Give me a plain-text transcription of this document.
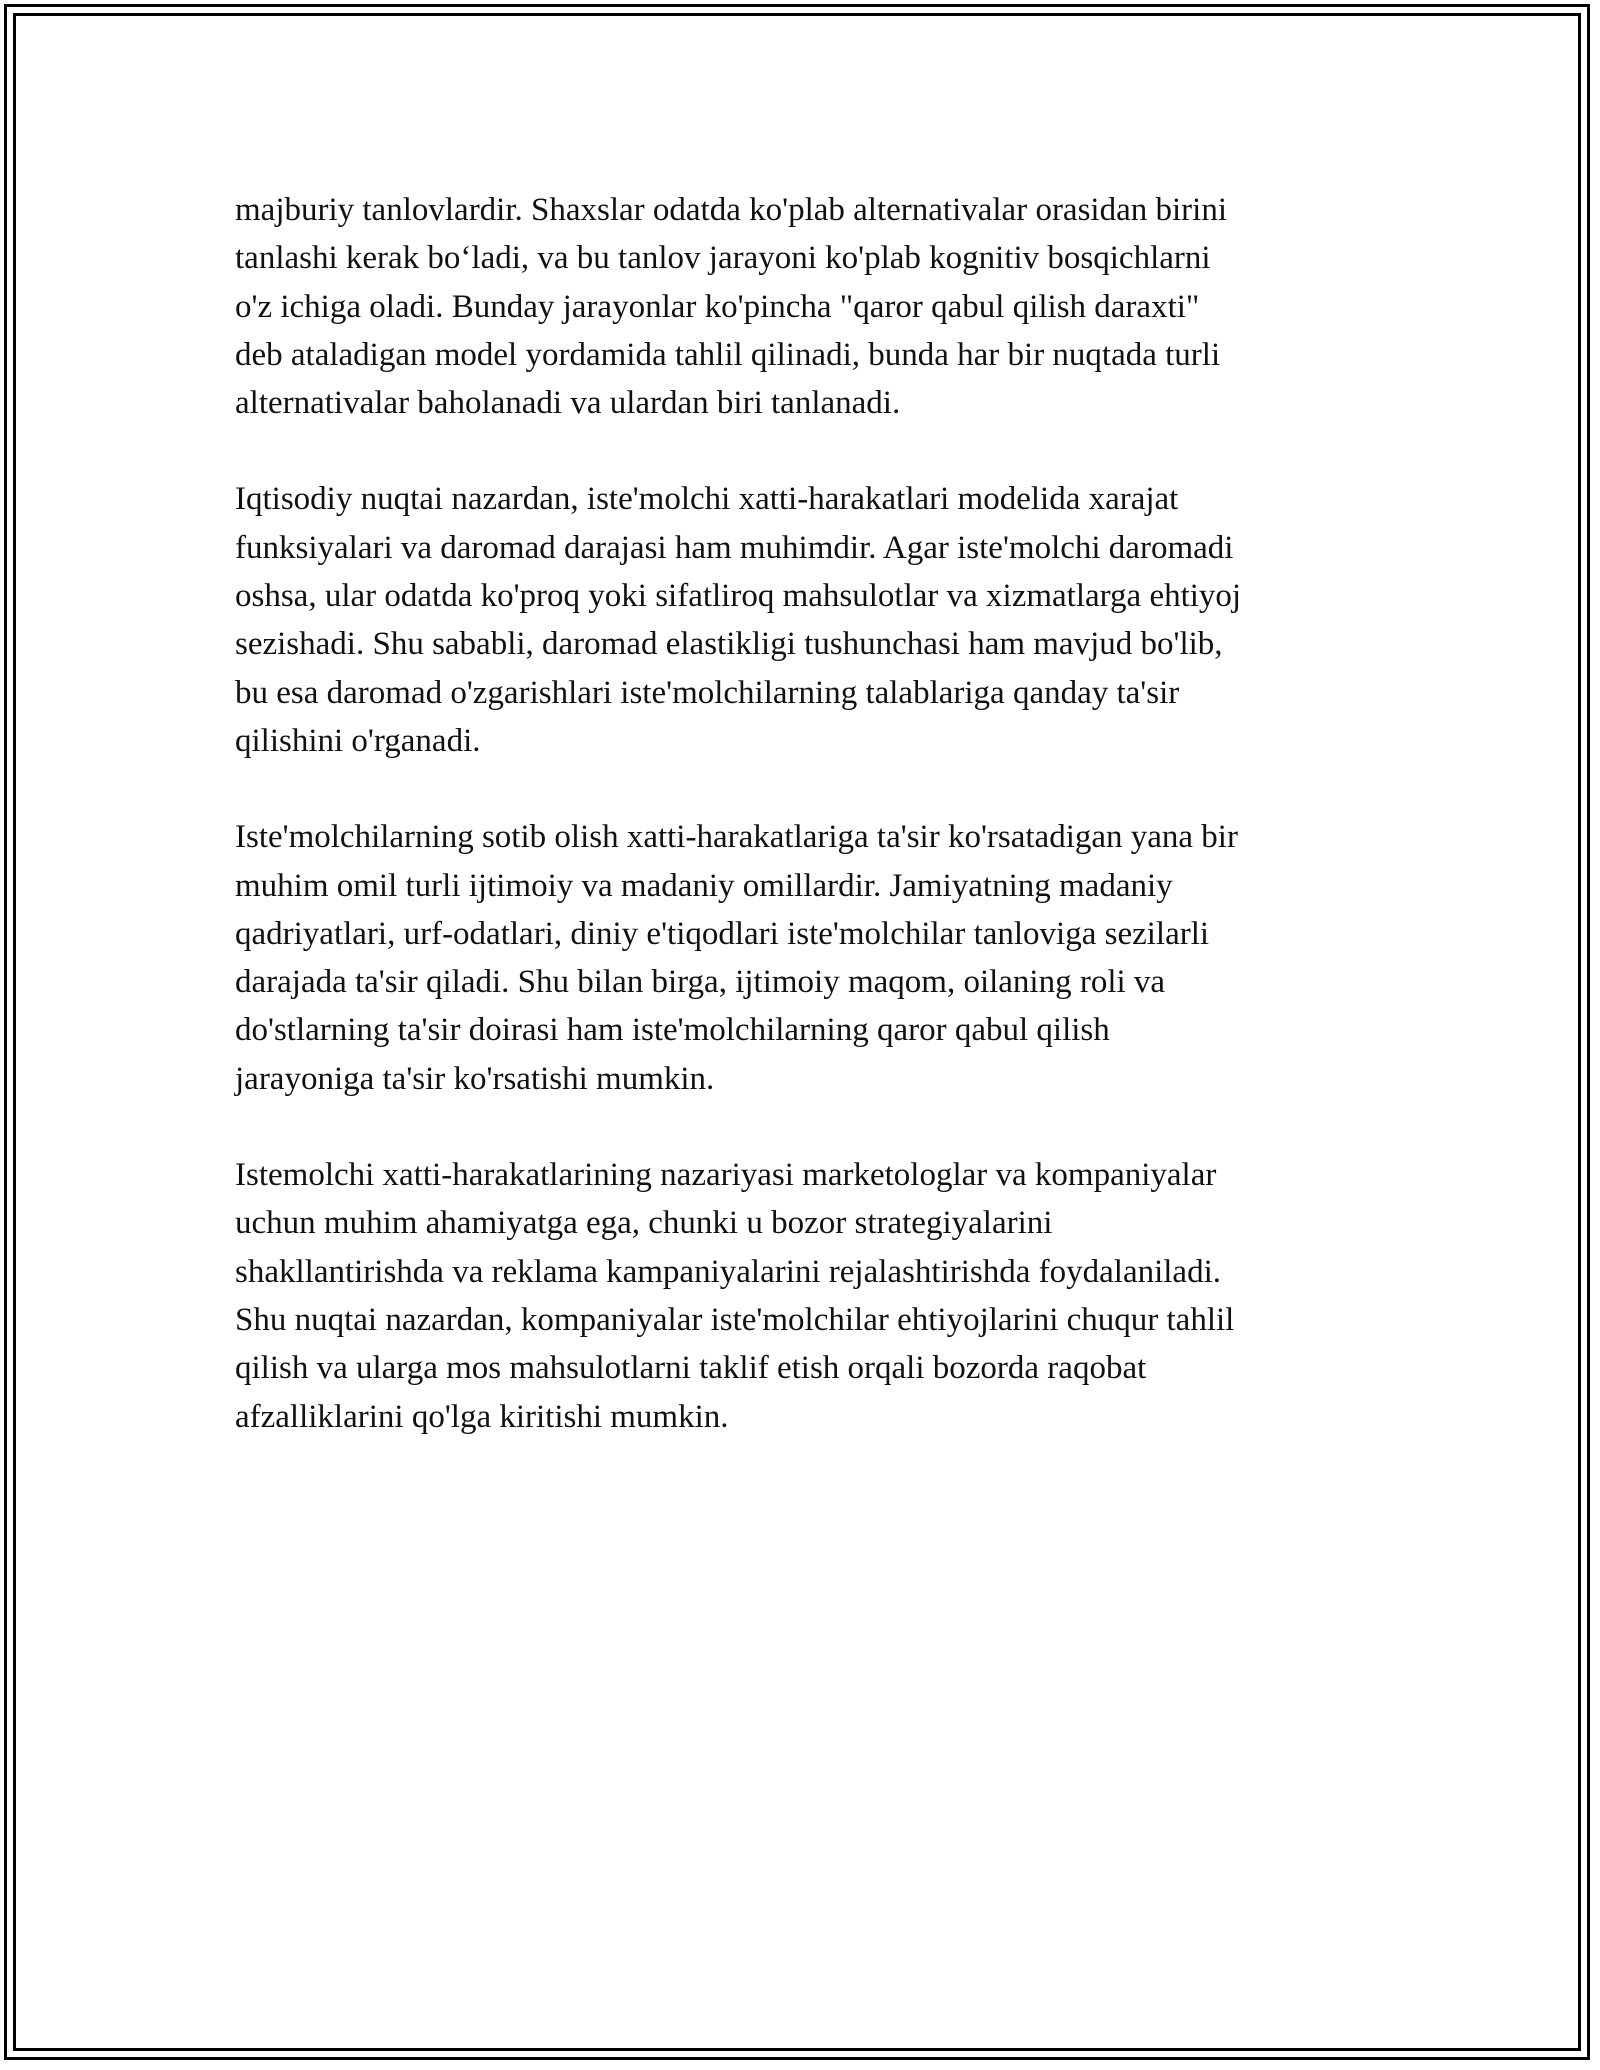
majburiy tanlovlardir. Shaxslar odatda ko'plab alternativalar orasidan birini
tanlashi kerak bo‘ladi, va bu tanlov jarayoni ko'plab kognitiv bosqichlarni
o'z ichiga oladi. Bunday jarayonlar ko'pincha "qaror qabul qilish daraxti"
deb ataladigan model yordamida tahlil qilinadi, bunda har bir nuqtada turli
alternativalar baholanadi va ulardan biri tanlanadi.

Iqtisodiy nuqtai nazardan, iste'molchi xatti-harakatlari modelida xarajat
funksiyalari va daromad darajasi ham muhimdir. Agar iste'molchi daromadi
oshsa, ular odatda ko'proq yoki sifatliroq mahsulotlar va xizmatlarga ehtiyoj
sezishadi. Shu sababli, daromad elastikligi tushunchasi ham mavjud bo'lib,
bu esa daromad o'zgarishlari iste'molchilarning talablariga qanday ta'sir
qilishini o'rganadi.

Iste'molchilarning sotib olish xatti-harakatlariga ta'sir ko'rsatadigan yana bir
muhim omil turli ijtimoiy va madaniy omillardir. Jamiyatning madaniy
qadriyatlari, urf-odatlari, diniy e'tiqodlari iste'molchilar tanloviga sezilarli
darajada ta'sir qiladi. Shu bilan birga, ijtimoiy maqom, oilaning roli va
do'stlarning ta'sir doirasi ham iste'molchilarning qaror qabul qilish
jarayoniga ta'sir ko'rsatishi mumkin.

Istemolchi xatti-harakatlarining nazariyasi marketologlar va kompaniyalar
uchun muhim ahamiyatga ega, chunki u bozor strategiyalarini
shakllantirishda va reklama kampaniyalarini rejalashtirishda foydalaniladi.
Shu nuqtai nazardan, kompaniyalar iste'molchilar ehtiyojlarini chuqur tahlil
qilish va ularga mos mahsulotlarni taklif etish orqali bozorda raqobat
afzalliklarini qo'lga kiritishi mumkin.
